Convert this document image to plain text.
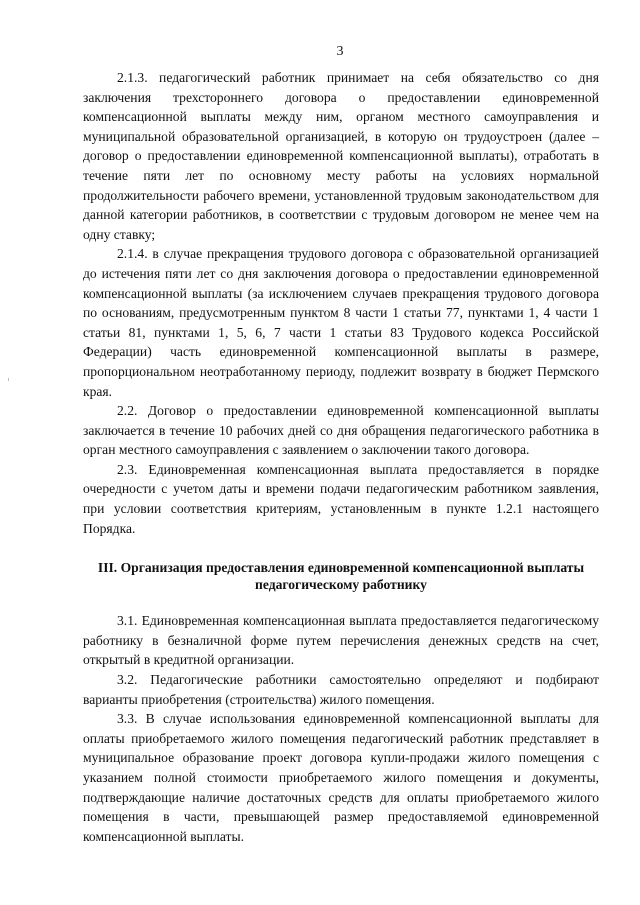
3

2.1.3. педагогический работник принимает на себя обязательство со дня заключения трехстороннего договора о предоставлении единовременной компенсационной выплаты между ним, органом местного самоуправления и муниципальной образовательной организацией, в которую он трудоустроен (далее – договор о предоставлении единовременной компенсационной выплаты), отработать в течение пяти лет по основному месту работы на условиях нормальной продолжительности рабочего времени, установленной трудовым законодательством для данной категории работников, в соответствии с трудовым договором не менее чем на одну ставку;

2.1.4. в случае прекращения трудового договора с образовательной организацией до истечения пяти лет со дня заключения договора о предоставлении единовременной компенсационной выплаты (за исключением случаев прекращения трудового договора по основаниям, предусмотренным пунктом 8 части 1 статьи 77, пунктами 1, 4 части 1 статьи 81, пунктами 1, 5, 6, 7 части 1 статьи 83 Трудового кодекса Российской Федерации) часть единовременной компенсационной выплаты в размере, пропорциональном неотработанному периоду, подлежит возврату в бюджет Пермского края.

2.2. Договор о предоставлении единовременной компенсационной выплаты заключается в течение 10 рабочих дней со дня обращения педагогического работника в орган местного самоуправления с заявлением о заключении такого договора.

2.3. Единовременная компенсационная выплата предоставляется в порядке очередности с учетом даты и времени подачи педагогическим работником заявления, при условии соответствия критериям, установленным в пункте 1.2.1 настоящего Порядка.

III. Организация предоставления единовременной компенсационной выплаты педагогическому работнику

3.1. Единовременная компенсационная выплата предоставляется педагогическому работнику в безналичной форме путем перечисления денежных средств на счет, открытый в кредитной организации.

3.2. Педагогические работники самостоятельно определяют и подбирают варианты приобретения (строительства) жилого помещения.

3.3. В случае использования единовременной компенсационной выплаты для оплаты приобретаемого жилого помещения педагогический работник представляет в муниципальное образование проект договора купли-продажи жилого помещения с указанием полной стоимости приобретаемого жилого помещения и документы, подтверждающие наличие достаточных средств для оплаты приобретаемого жилого помещения в части, превышающей размер предоставляемой единовременной компенсационной выплаты.
